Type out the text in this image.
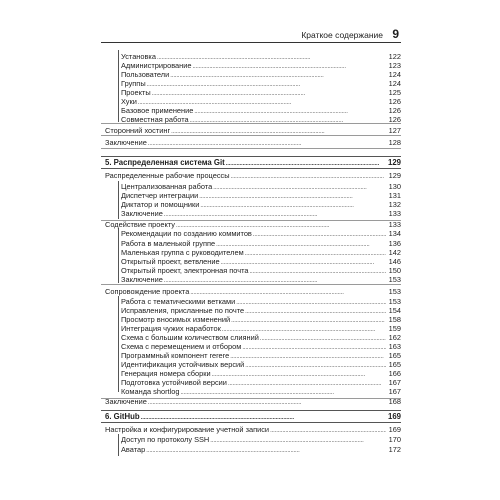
Краткое содержание 9
Установка . . .	122
Администрирование . . .	123
Пользователи . . .	124
Группы . . .	124
Проекты . . .	125
Хуки . . .	126
Базовое применение . . .	126
Совместная работа . . .	126
Сторонний хостинг . . .	127
Заключение . . .	128
5. Распределенная система Git . . .	129
Распределенные рабочие процессы . . .	129
Централизованная работа . . .	130
Диспетчер интеграции . . .	131
Диктатор и помощники . . .	132
Заключение . . .	133
Содействие проекту . . .	133
Рекомендации по созданию коммитов . . .	134
Работа в маленькой группе . . .	136
Маленькая группа с руководителем . . .	142
Открытый проект, ветвление . . .	146
Открытый проект, электронная почта . . .	150
Заключение . . .	153
Сопровождение проекта . . .	153
Работа с тематическими ветками . . .	153
Исправления, присланные по почте . . .	154
Просмотр вносимых изменений . . .	158
Интеграция чужих наработок . . .	159
Схема с большим количеством слияний . . .	162
Схема с перемещением и отбором . . .	163
Программный компонент rerere . . .	165
Идентификация устойчивых версий . . .	165
Генерация номера сборки . . .	166
Подготовка устойчивой версии . . .	167
Команда shortlog . . .	167
Заключение . . .	168
6. GitHub . . .	169
Настройка и конфигурирование учетной записи . . .	169
Доступ по протоколу SSH . . .	170
Аватар . . .	172
